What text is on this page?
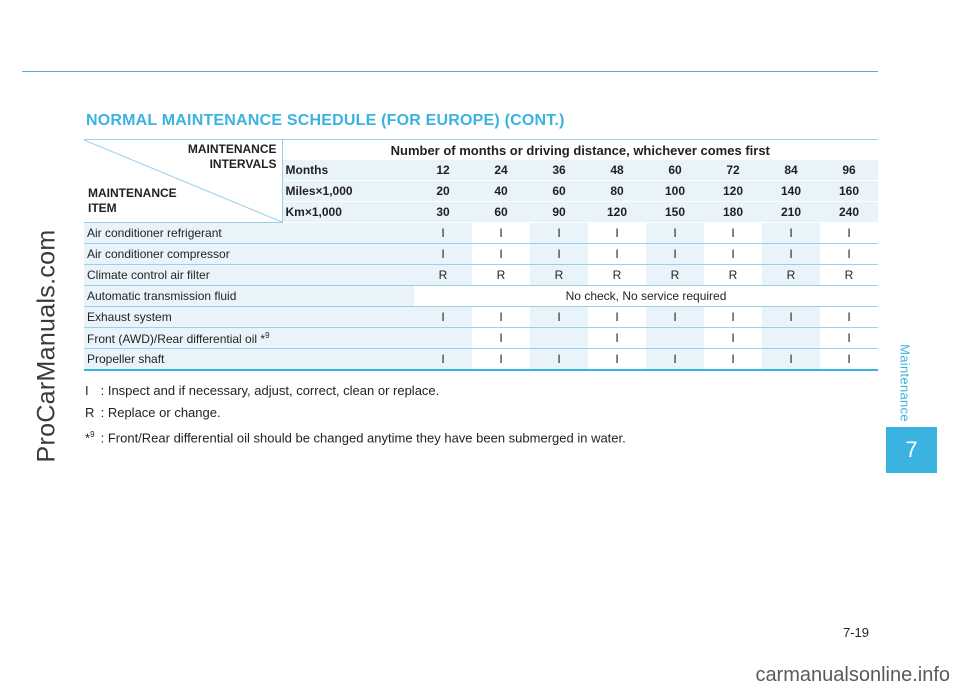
NORMAL MAINTENANCE SCHEDULE (FOR EUROPE) (CONT.)
ProCarManuals.com
carmanualsonline.info
Maintenance
7
7-19
MAINTENANCE
INTERVALS
MAINTENANCE
ITEM	Number of months or driving distance, whichever comes first								
	Months	12	24	36	48	60	72	84	96
	Miles×1,000	20	40	60	80	100	120	140	160
	Km×1,000	30	60	90	120	150	180	210	240
Air conditioner refrigerant		I	I	I	I	I	I	I	I
Air conditioner compressor		I	I	I	I	I	I	I	I
Climate control air filter		R	R	R	R	R	R	R	R
Automatic transmission fluid		No check, No service required							
Exhaust system		I	I	I	I	I	I	I	I
Front (AWD)/Rear differential oil *$^9$			I		I		I		I
Propeller shaft		I	I	I	I	I	I	I	I
I : Inspect and if necessary, adjust, correct, clean or replace.
R : Replace or change.
*$^9$ : Front/Rear differential oil should be changed anytime they have been submerged in water.
